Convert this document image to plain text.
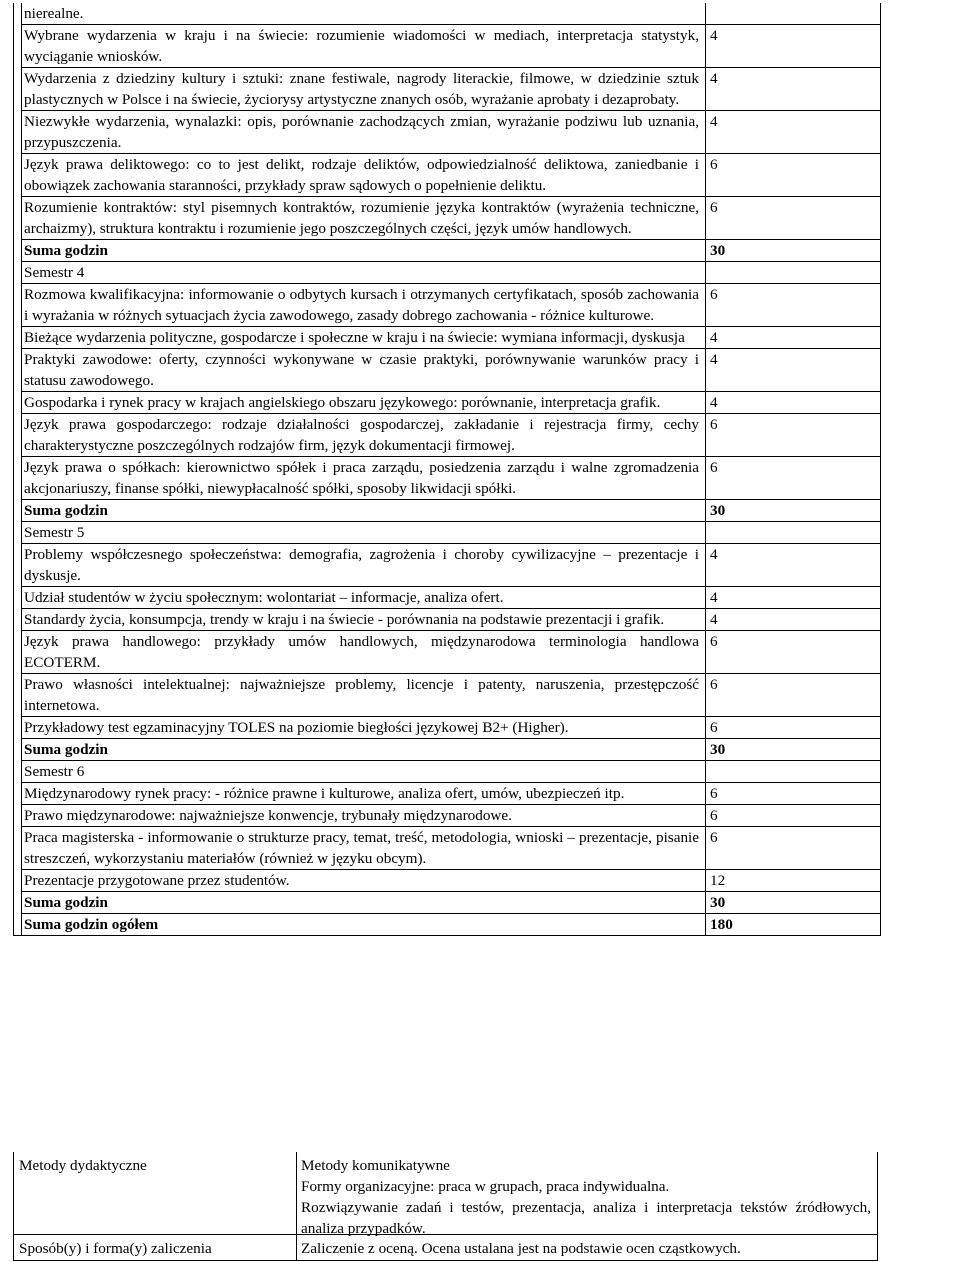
	nierealne.	
	Wybrane wydarzenia w kraju i na świecie: rozumienie wiadomości w mediach, interpretacja statystyk, wyciąganie wniosków.	4
	Wydarzenia z dziedziny kultury i sztuki: znane festiwale, nagrody literackie, filmowe, w dziedzinie sztuk plastycznych w Polsce i na świecie, życiorysy artystyczne znanych osób, wyrażanie aprobaty i dezaprobaty.	4
	Niezwykłe wydarzenia, wynalazki: opis, porównanie zachodzących zmian, wyrażanie podziwu lub uznania, przypuszczenia.	4
	Język prawa deliktowego: co to jest delikt, rodzaje deliktów, odpowiedzialność deliktowa, zaniedbanie i obowiązek zachowania staranności, przykłady spraw sądowych o popełnienie deliktu.	6
	Rozumienie kontraktów: styl pisemnych kontraktów, rozumienie języka kontraktów (wyrażenia techniczne, archaizmy), struktura kontraktu i rozumienie jego poszczególnych części, język umów handlowych.	6
	Suma godzin	30
	Semestr 4	
	Rozmowa kwalifikacyjna: informowanie o odbytych kursach i otrzymanych certyfikatach, sposób zachowania i wyrażania w różnych sytuacjach życia zawodowego, zasady dobrego zachowania - różnice kulturowe.	6
	Bieżące wydarzenia polityczne, gospodarcze i społeczne w kraju i na świecie: wymiana informacji, dyskusja	4
	Praktyki zawodowe: oferty, czynności wykonywane w czasie praktyki, porównywanie warunków pracy i statusu zawodowego.	4
	Gospodarka i rynek pracy w krajach angielskiego obszaru językowego: porównanie, interpretacja grafik.	4
	Język prawa gospodarczego: rodzaje działalności gospodarczej, zakładanie i rejestracja firmy, cechy charakterystyczne poszczególnych rodzajów firm, język dokumentacji firmowej.	6
	Język prawa o spółkach: kierownictwo spółek i praca zarządu, posiedzenia zarządu i walne zgromadzenia akcjonariuszy, finanse spółki, niewypłacalność spółki, sposoby likwidacji spółki.	6
	Suma godzin	30
	Semestr 5	
	Problemy współczesnego społeczeństwa: demografia, zagrożenia i choroby cywilizacyjne – prezentacje i dyskusje.	4
	Udział studentów w życiu społecznym: wolontariat – informacje, analiza ofert.	4
	Standardy życia, konsumpcja, trendy w kraju i na świecie - porównania na podstawie prezentacji i grafik.	4
	Język prawa handlowego: przykłady umów handlowych, międzynarodowa terminologia handlowa ECOTERM.	6
	Prawo własności intelektualnej: najważniejsze problemy, licencje i patenty, naruszenia, przestępczość internetowa.	6
	Przykładowy test egzaminacyjny TOLES na poziomie biegłości językowej B2+ (Higher).	6
	Suma godzin	30
	Semestr 6	
	Międzynarodowy rynek pracy: - różnice prawne i kulturowe, analiza ofert, umów, ubezpieczeń itp.	6
	Prawo międzynarodowe: najważniejsze konwencje, trybunały międzynarodowe.	6
	Praca magisterska - informowanie o strukturze pracy, temat, treść, metodologia, wnioski – prezentacje, pisanie streszczeń, wykorzystaniu materiałów (również w języku obcym).	6
	Prezentacje przygotowane przez studentów.	12
	Suma godzin	30
	Suma godzin ogółem	180
Metody dydaktyczne	Metody komunikatywne
Formy organizacyjne: praca w grupach, praca indywidualna.
Rozwiązywanie zadań i testów, prezentacja, analiza i interpretacja tekstów źródłowych, analiza przypadków.
Sposób(y) i forma(y) zaliczenia	Zaliczenie z oceną. Ocena ustalana jest na podstawie ocen cząstkowych.
